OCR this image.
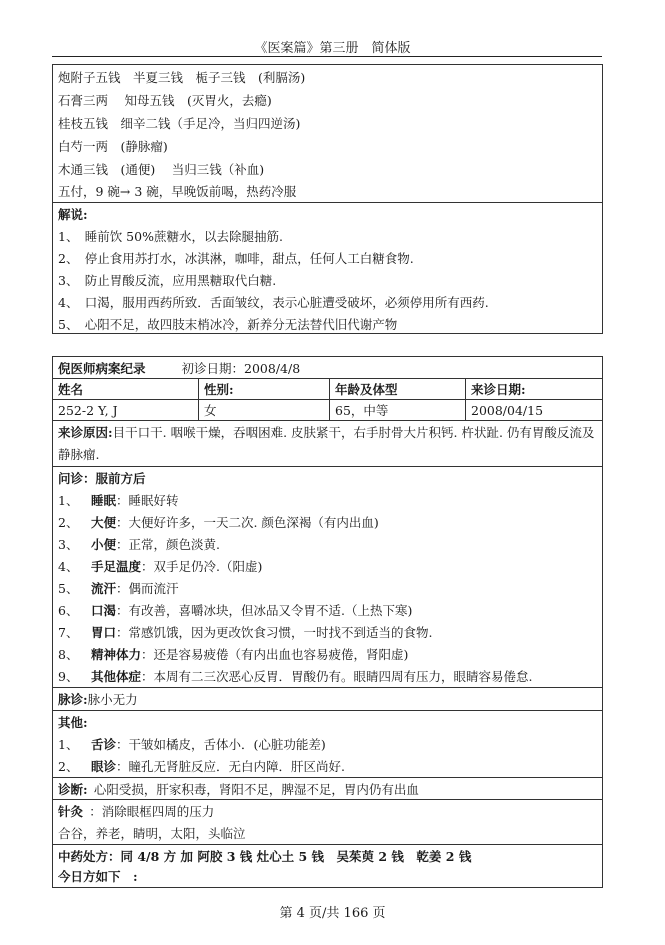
《医案篇》第三册　简体版
炮附子五钱　半夏三钱　栀子三钱　(利膈汤)
石膏三两　 知母五钱　(灭胃火，去瘾)
桂枝五钱　细辛二钱（手足冷，当归四逆汤)
白芍一两　(静脉瘤)
木通三钱　(通便)　 当归三钱（补血)
五付，9 碗→ 3 碗，早晚饭前喝，热药冷服
解说:
1、　睡前饮 50%蔗糖水，以去除腿抽筋.
2、　停止食用苏打水，冰淇淋，咖啡，甜点，任何人工白糖食物.
3、　防止胃酸反流，应用黑糖取代白糖.
4、　口渴，服用西药所致．舌面皱纹，表示心脏遭受破坏，必须停用所有西药.
5、　心阳不足，故四肢末梢冰冷，新养分无法替代旧代谢产物
倪医师病案纪录	初诊日期：2008/4/8
姓名	性别:	年龄及体型	来诊日期:
252-2 Y, J	女	65，中等	2008/04/15
来诊原因:目干口干. 咽喉干燥，吞咽困难. 皮肤紧干，右手肘骨大片积钙. 杵状趾. 仍有胃酸反流及静脉瘤.
问诊：服前方后
1、
  睡眠 ：睡眠好转
2、
  大便 ：大便好许多，一天二次. 颜色深褐（有内出血)
3、
  小便 ：正常，颜色淡黄.
4、
  手足温度 ：双手足仍冷.（阳虚)
5、
  流汗 ：偶而流汗
6、
  口渴 ：有改善，喜嚼冰块，但冰品又令胃不适.（上热下寒)
7、
  胃口 ：常感饥饿，因为更改饮食习惯，一时找不到适当的食物.
8、
  精神体力 ：还是容易疲倦（有内出血也容易疲倦，肾阳虚)
9、
  其他体症 ：本周有二三次恶心反胃．胃酸仍有。眼睛四周有压力，眼睛容易倦怠.
脉诊: 脉小无力
其他:
1、
  舌诊 ：干皱如橘皮，舌体小．(心脏功能差)
2、
  眼诊 ：瞳孔无肾脏反应．无白内障．肝区尚好.
诊断:
  心阳受损，肝家积毒，肾阳不足，脾湿不足，胃内仍有出血
针灸
  ：消除眼框四周的压力
合谷，养老，睛明，太阳，头临泣
中药处方：同 4/8 方 加 阿胶 3 钱 灶心土 5 钱　吴茱萸 2 钱　乾姜 2 钱
今日方如下　:
第 4 页/共 166 页
